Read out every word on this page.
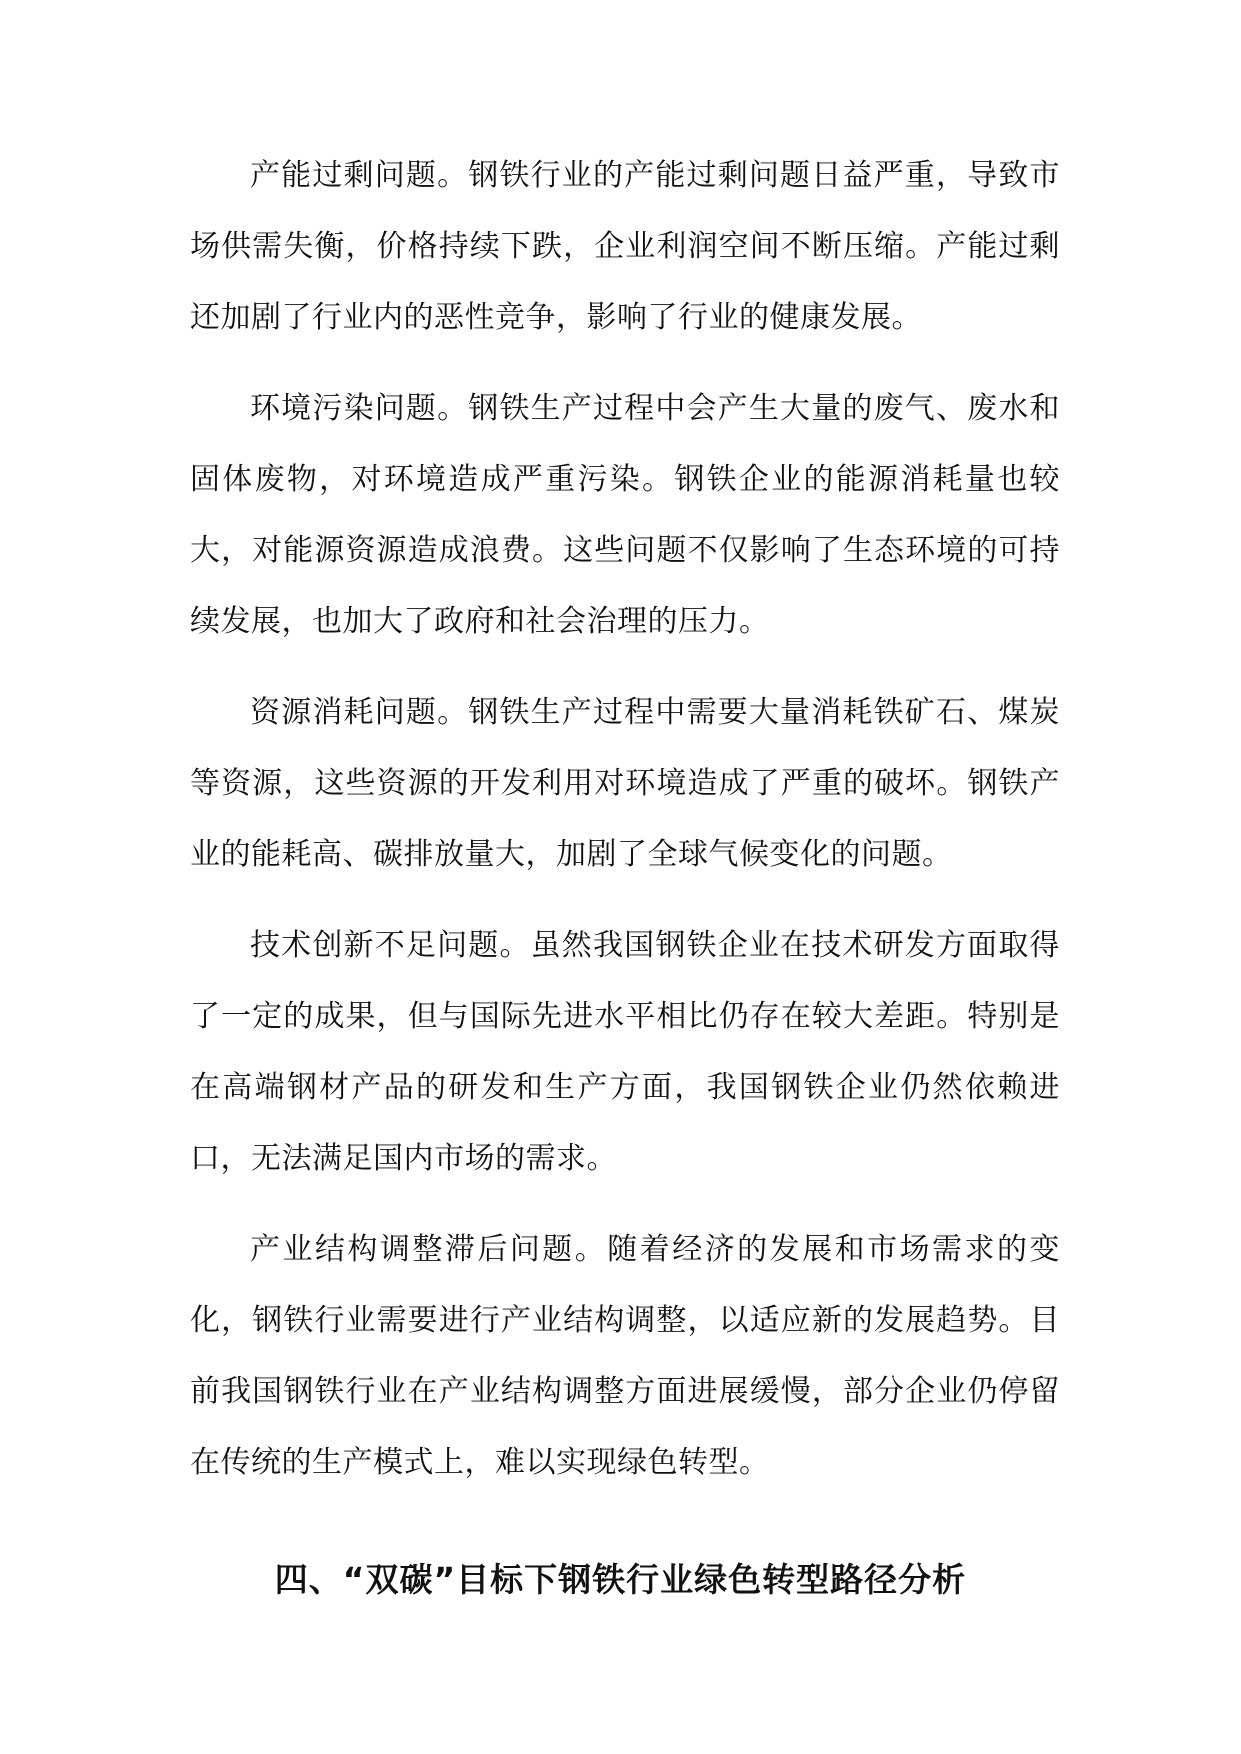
产能过剩问题。钢铁行业的产能过剩问题日益严重，导致市场供需失衡，价格持续下跌，企业利润空间不断压缩。产能过剩还加剧了行业内的恶性竞争，影响了行业的健康发展。

环境污染问题。钢铁生产过程中会产生大量的废气、废水和固体废物，对环境造成严重污染。钢铁企业的能源消耗量也较大，对能源资源造成浪费。这些问题不仅影响了生态环境的可持续发展，也加大了政府和社会治理的压力。

资源消耗问题。钢铁生产过程中需要大量消耗铁矿石、煤炭等资源，这些资源的开发利用对环境造成了严重的破坏。钢铁产业的能耗高、碳排放量大，加剧了全球气候变化的问题。

技术创新不足问题。虽然我国钢铁企业在技术研发方面取得了一定的成果，但与国际先进水平相比仍存在较大差距。特别是在高端钢材产品的研发和生产方面，我国钢铁企业仍然依赖进口，无法满足国内市场的需求。

产业结构调整滞后问题。随着经济的发展和市场需求的变化，钢铁行业需要进行产业结构调整，以适应新的发展趋势。目前我国钢铁行业在产业结构调整方面进展缓慢，部分企业仍停留在传统的生产模式上，难以实现绿色转型。

四、“双碳”目标下钢铁行业绿色转型路径分析
